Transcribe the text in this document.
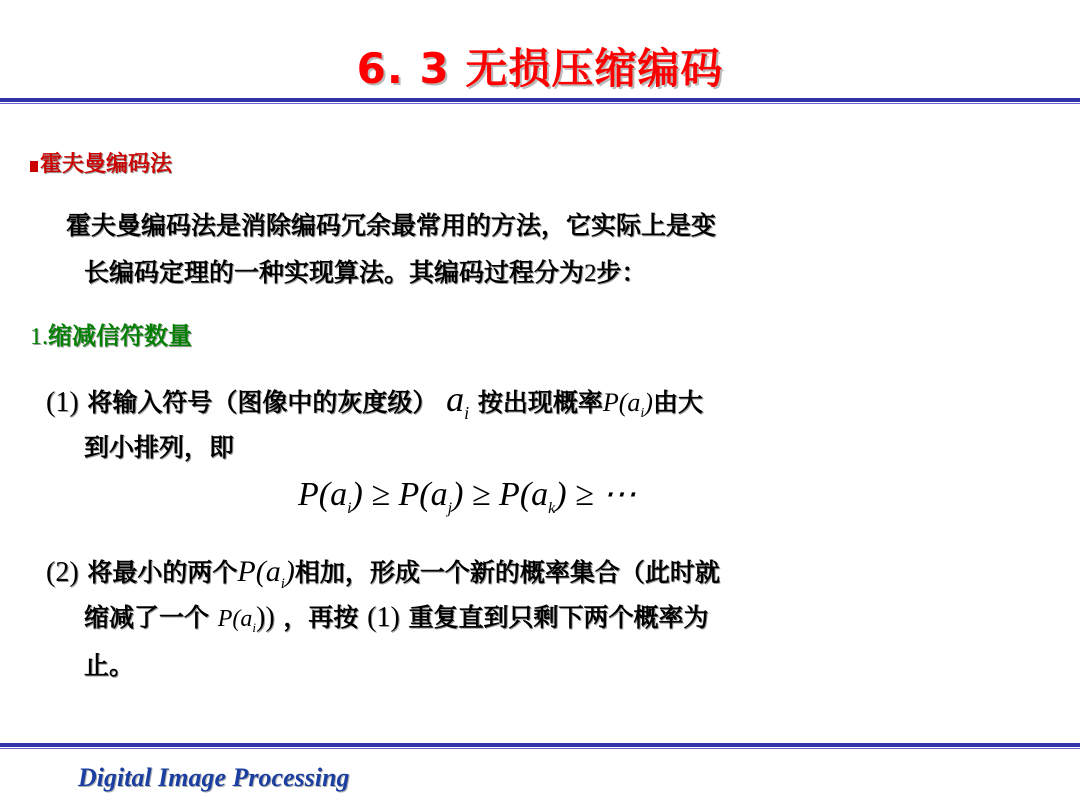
6. 3 无损压缩编码
霍夫曼编码法
霍夫曼编码法是消除编码冗余最常用的方法，它实际上是变
长编码定理的一种实现算法。其编码过程分为2步：
1.缩减信符数量
(1) 将输入符号（图像中的灰度级） $a_i$ 按出现概率$P(a_i)$由大
到小排列，即
$P(a_i) \ge P(a_j) \ge P(a_k)$ ≥ ⋯
(2) 将最小的两个$P(a_i)$相加，形成一个新的概率集合（此时就
缩减了一个 $P(a_i)$) ，再按 (1) 重复直到只剩下两个概率为
止。
Digital Image Processing
